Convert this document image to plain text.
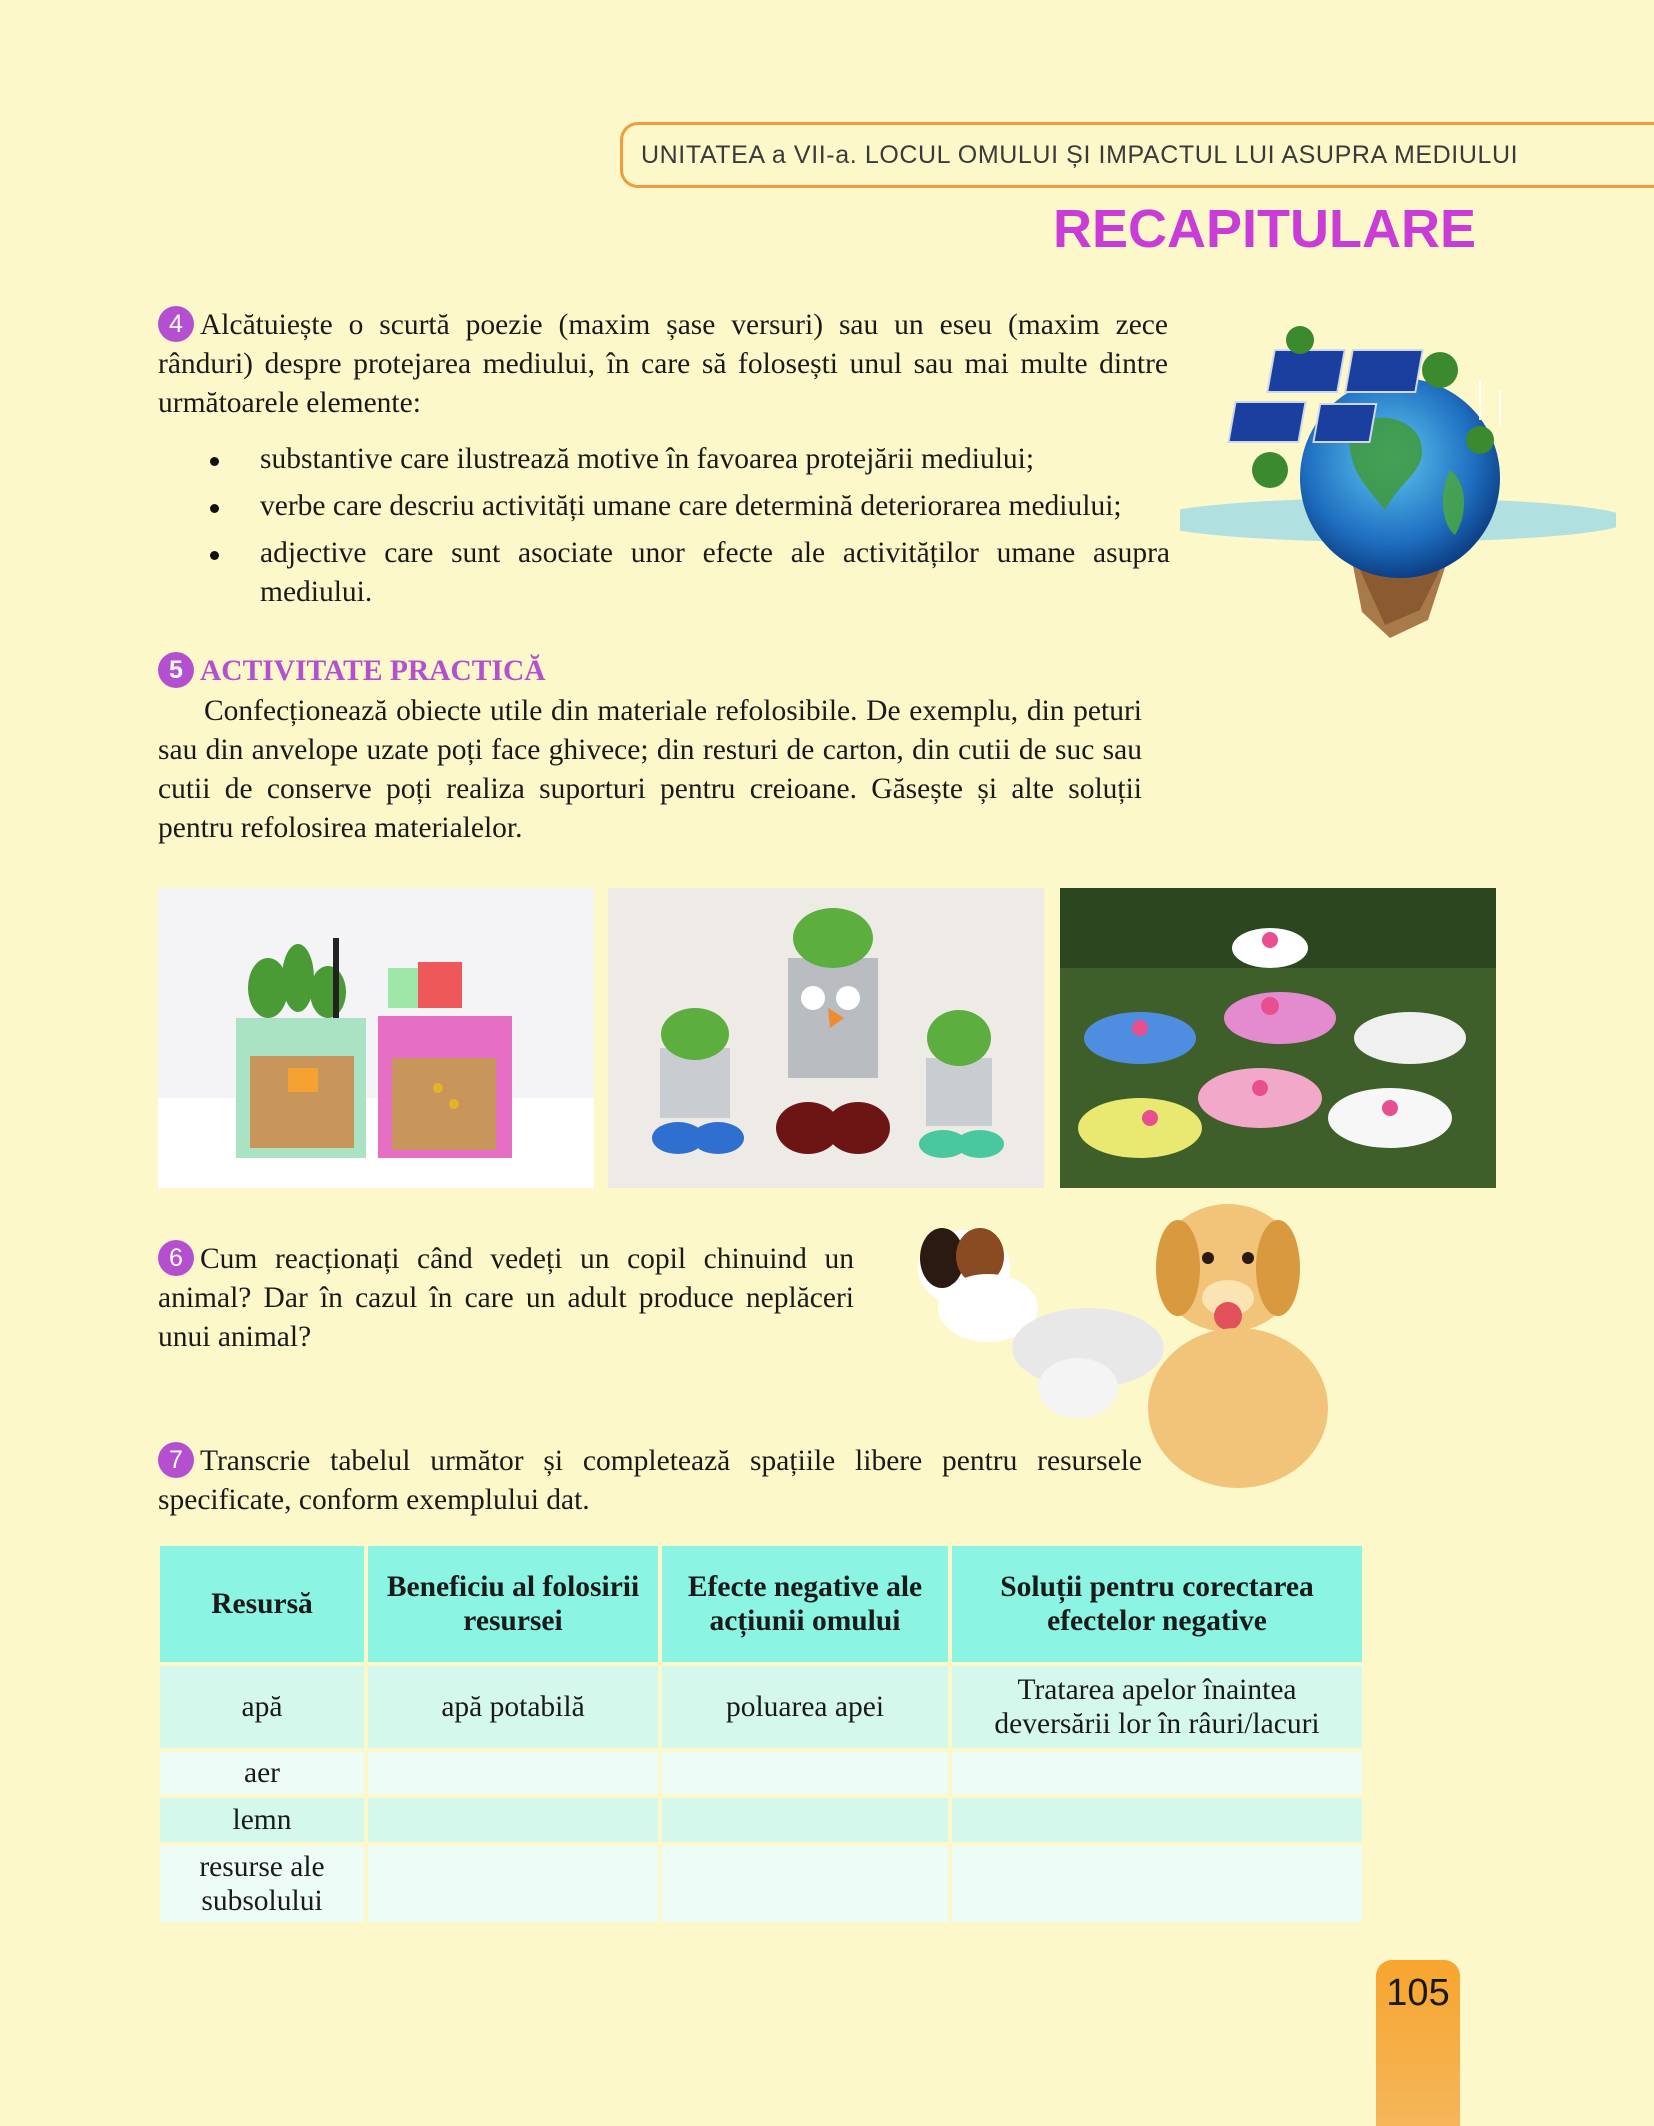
UNITATEA a VII-a. LOCUL OMULUI ȘI IMPACTUL LUI ASUPRA MEDIULUI
RECAPITULARE
4 Alcătuiește o scurtă poezie (maxim șase versuri) sau un eseu (maxim zece rânduri) despre protejarea mediului, în care să folosești unul sau mai multe dintre următoarele elemente:
substantive care ilustrează motive în favoarea protejării mediului;
verbe care descriu activități umane care determină deteriorarea mediului;
adjective care sunt asociate unor efecte ale activităților umane asupra mediului.
5 ACTIVITATE PRACTICĂ
Confecționează obiecte utile din materiale refolosibile. De exemplu, din peturi sau din anvelope uzate poți face ghivece; din resturi de carton, din cutii de suc sau cutii de conserve poți realiza suporturi pentru creioane. Găsește și alte soluții pentru refolosirea materialelor.
6 Cum reacționați când vedeți un copil chinuind un animal? Dar în cazul în care un adult produce neplăceri unui animal?
7 Transcrie tabelul următor și completează spațiile libere pentru resursele specificate, conform exemplului dat.
Resursă	Beneficiu al folosirii resursei	Efecte negative ale acțiunii omului	Soluții pentru corectarea efectelor negative
apă	apă potabilă	poluarea apei	Tratarea apelor înaintea deversării lor în râuri/lacuri
aer			
lemn			
resurse ale subsolului			
105
